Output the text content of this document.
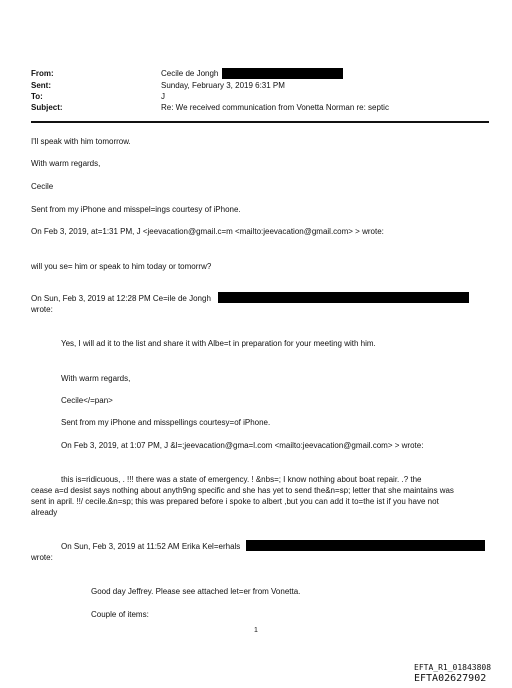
From:
Sent:
To:
Subject:
Cecile de Jongh
Sunday, February 3, 2019 6:31 PM
J
Re: We received communication from Vonetta Norman re: septic
I'll speak with him tomorrow.
With warm regards,
Cecile
Sent from my iPhone and misspel=ings courtesy of iPhone.
On Feb 3, 2019, at=1:31 PM, J <jeevacation@gmail.c=m <mailto:jeevacation@gmail.com> > wrote:
will you se= him or speak to him today or tomorrw?
On Sun, Feb 3, 2019 at 12:28 PM Ce=ile de Jongh
wrote:
Yes, I will ad it to the list and share it with Albe=t in preparation for your meeting with him.
With warm regards,
Cecile</=pan>
Sent from my iPhone and misspellings courtesy=of iPhone.
On Feb 3, 2019, at 1:07 PM, J &l=;jeevacation@gma=l.com <mailto:jeevacation@gmail.com> > wrote:
this is=ridicuous, . !!! there was a state of emergency. ! &nbs=; I know nothing about boat repair. .? the
cease a=d desist says nothing about anyth9ng specific and she has yet to send the&n=sp; letter that she maintains was
sent in april. !!/ cecile.&n=sp; this was prepared before i spoke to albert ,but you can add it to=the ist if you have not
already
On Sun, Feb 3, 2019 at 11:52 AM Erika Kel=erhals
wrote:
Good day Jeffrey. Please see attached let=er from Vonetta.
Couple of items:
1
EFTA_R1_01843808
EFTA02627902
